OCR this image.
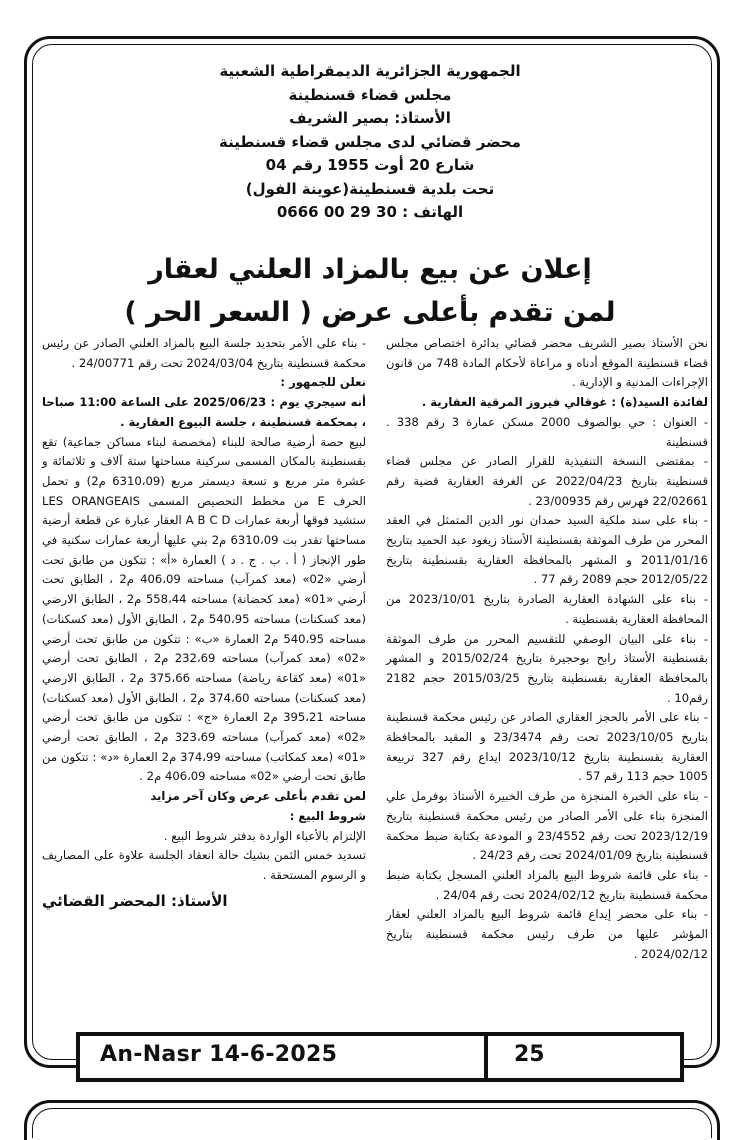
الجمهورية الجزائرية الديمقراطية الشعبية
مجلس قضاء قسنطينة
الأستاذ: بصير الشريف
محضر قضائي لدى مجلس قضاء قسنطينة
شارع 20 أوت 1955 رقم 04
تحت بلدية قسنطينة(عوينة الفول)
الهاتف : 30 29 00 0666
إعلان عن بيع بالمزاد العلني لعقار
لمن تقدم بأعلى عرض ( السعر الحر )

نحن الأستاذ بصير الشريف محضر قضائي بدائرة اختصاص مجلس قضاء قسنطينة الموقع أدناه و مراعاة لأحكام المادة 748 من قانون الإجراءات المدنية و الإدارية .

لفائدة السيد(ة) : غوقالي فيروز المرقية العقارية .

- العنوان : حي بوالصوف 2000 مسكن عمارة 3 رقم 338 . قسنطينة

- بمقتضى النسخة التنفيذية للقرار الصادر عن مجلس قضاء قسنطينة بتاريخ 2022/04/23 عن الغرفة العقارية قضية رقم 22/02661 فهرس رقم 23/00935 .

- بناء على سند ملكية السيد حمدان نور الدين المتمثل في العقد المحرر من طرف الموثقة بقسنطينة الأستاذ زيغود عبد الحميد بتاريخ 2011/01/16 و المشهر بالمحافظة العقارية بقسنطينة بتاريخ 2012/05/22 حجم 2089 رقم 77 .

- بناء على الشهادة العقارية الصادرة بتاريخ 2023/10/01 من المحافظة العقارية بقسنطينة .

- بناء على البيان الوصفي للتقسيم المحرر من طرف الموثقة بقسنطينة الأستاذ رابح بوحجيرة بتاريخ 2015/02/24 و المشهر بالمحافظة العقارية بقسنطينة بتاريخ 2015/03/25 حجم 2182 رقم10 .

- بناء على الأمر بالحجز العقاري الصادر عن رئيس محكمة قسنطينة بتاريخ 2023/10/05 تحت رقم 23/3474 و المقيد بالمحافظة العقارية بقسنطينة بتاريخ 2023/10/12 ايداع رقم 327 تربيعة 1005 حجم 113 رقم 57 .

- بناء على الخبرة المنجزة من طرف الخبيرة الأستاذ بوفرمل علي المنجزة بناء على الأمر الصادر من رئيس محكمة قسنطينة بتاريخ 2023/12/19 تحت رقم 23/4552 و المودعة بكتابة ضبط محكمة قسنطينة بتاريخ 2024/01/09 تحت رقم 24/23 .

- بناء على قائمة شروط البيع بالمزاد العلني المسجل بكتابة ضبط محكمة قسنطينة بتاريخ 2024/02/12 تحت رقم 24/04 .

- بناء على محضر إيداع قائمة شروط البيع بالمزاد العلني لعقار المؤشر عليها من طرف رئيس محكمة قسنطينة بتاريخ 2024/02/12 .

- بناء على الأمر بتحديد جلسة البيع بالمزاد العلني الصادر عن رئيس محكمة قسنطينة بتاريخ 2024/03/04 تحت رقم 24/00771 .

نعلن للجمهور :

أنه سيجري يوم : 2025/06/23 على الساعة 11:00 صباحا ، بمحكمة قسنطينة ، جلسة البيوع العقارية .

لبيع حصة أرضية صالحة للبناء (مخصصة لبناء مساكن جماعية) تقع بقسنطينة بالمكان المسمى سركينة مساحتها ستة آلاف و ثلاثمائة و عشرة متر مربع و تسعة ديسمتر مربع (6310،09 م2) و تحمل الحرف E من مخطط التحصيص المسمى LES ORANGEAIS ستشيد فوقها أربعة عمارات A B C D العقار عبارة عن قطعة أرضية مساحتها تقدر بت 6310،09 م2 بني عليها أربعة عمارات سكنية في طور الإنجاز ( أ . ب . ج . د ) العمارة «أ» : تتكون من طابق تحت أرضي «02» (معد كمرآب) مساحته 406،09 م2 ، الطابق تحت أرضي «01» (معد كحضانة) مساحته 558،44 م2 ، الطابق الارضي (معد كسكنات) مساحته 540،95 م2 ، الطابق الأول (معد كسكنات) مساحته 540،95 م2 العمارة «ب» : تتكون من طابق تحت أرضي «02» (معد كمرآب) مساحته 232،69 م2 ، الطابق تحت أرضي «01» (معد كقاعة رياضة) مساحته 375،66 م2 ، الطابق الارضي (معد كسكنات) مساحته 374،60 م2 ، الطابق الأول (معد كسكنات) مساحته 395،21 م2 العمارة «ج» : تتكون من طابق تحت أرضي «02» (معد كمرآب) مساحته 323،69 م2 ، الطابق تحت أرضي «01» (معد كمكاتب) مساحته 374،99 م2 العمارة «د» : تتكون من طابق تحت أرضي «02» مساحته 406،09 م2 .

لمن تقدم بأعلى عرض وكان آخر مزايد

شروط البيع :

الإلتزام بالأعباء الواردة بدفتر شروط البيع .

تسديد خمس الثمن بشيك حالة انعقاد الجلسة علاوة على المصاريف و الرسوم المستحقة .

الأستاذ: المحضر القضائي

An-Nasr 14-6-2025	25
